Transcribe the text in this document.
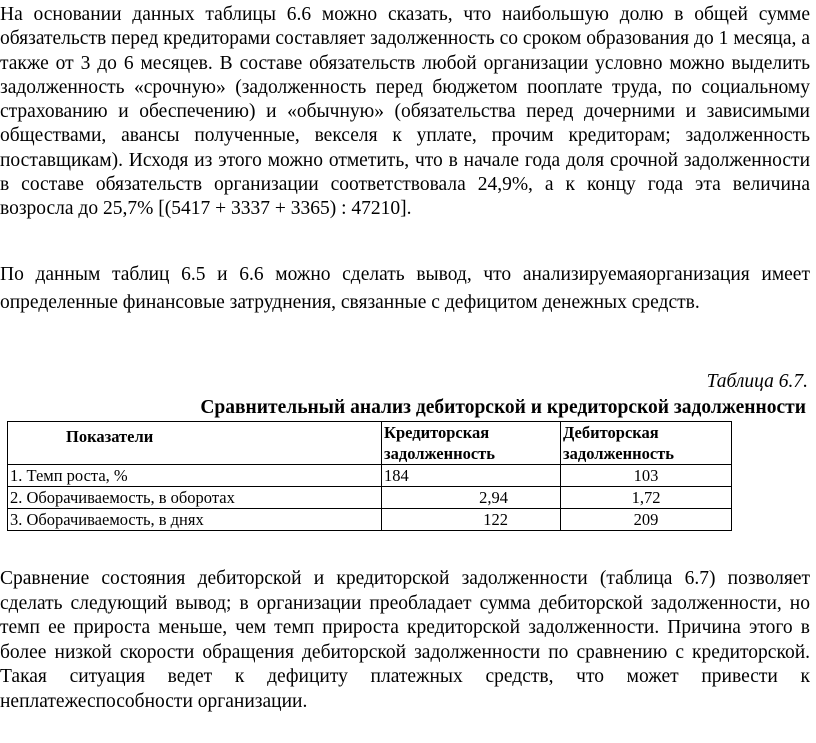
На основании данных таблицы 6.6 можно сказать, что наибольшую долю в общей сумме обязательств перед кредиторами составляет задолженность со сроком образования до 1 месяца, а также от 3 до 6 месяцев. В составе обязательств любой организации условно можно выделить задолженность «срочную» (задолженность перед бюджетом пооплате труда, по социальному страхованию и обеспечению) и «обычную» (обязательства перед дочерними и зависимыми обществами, авансы полученные, векселя к уплате, прочим кредиторам; задолженность поставщикам). Исходя из этого можно отметить, что в начале года доля срочной задолженности в составе обязательств организации соответствовала 24,9%, а к концу года эта величина возросла до 25,7% [(5417 + 3337 + 3365) : 47210].

По данным таблиц 6.5 и 6.6 можно сделать вывод, что анализируемаяорганизация имеет определенные финансовые затруднения, связанные с дефицитом денежных средств.

Таблица 6.7.
Сравнительный анализ дебиторской и кредиторской задолженности
Показатели	Кредиторская задолженность	Дебиторская задолженность
1. Темп роста, %	184	103
2. Оборачиваемость, в оборотах	2,94	1,72
3. Оборачиваемость, в днях	122	209

Сравнение состояния дебиторской и кредиторской задолженности (таблица 6.7) позволяет сделать следующий вывод; в организации преобладает сумма дебиторской задолженности, но темп ее прироста меньше, чем темп прироста кредиторской задолженности. Причина этого в более низкой скорости обращения дебиторской задолженности по сравнению с кредиторской. Такая ситуация ведет к дефициту платежных средств, что может привести к неплатежеспособности организации.
